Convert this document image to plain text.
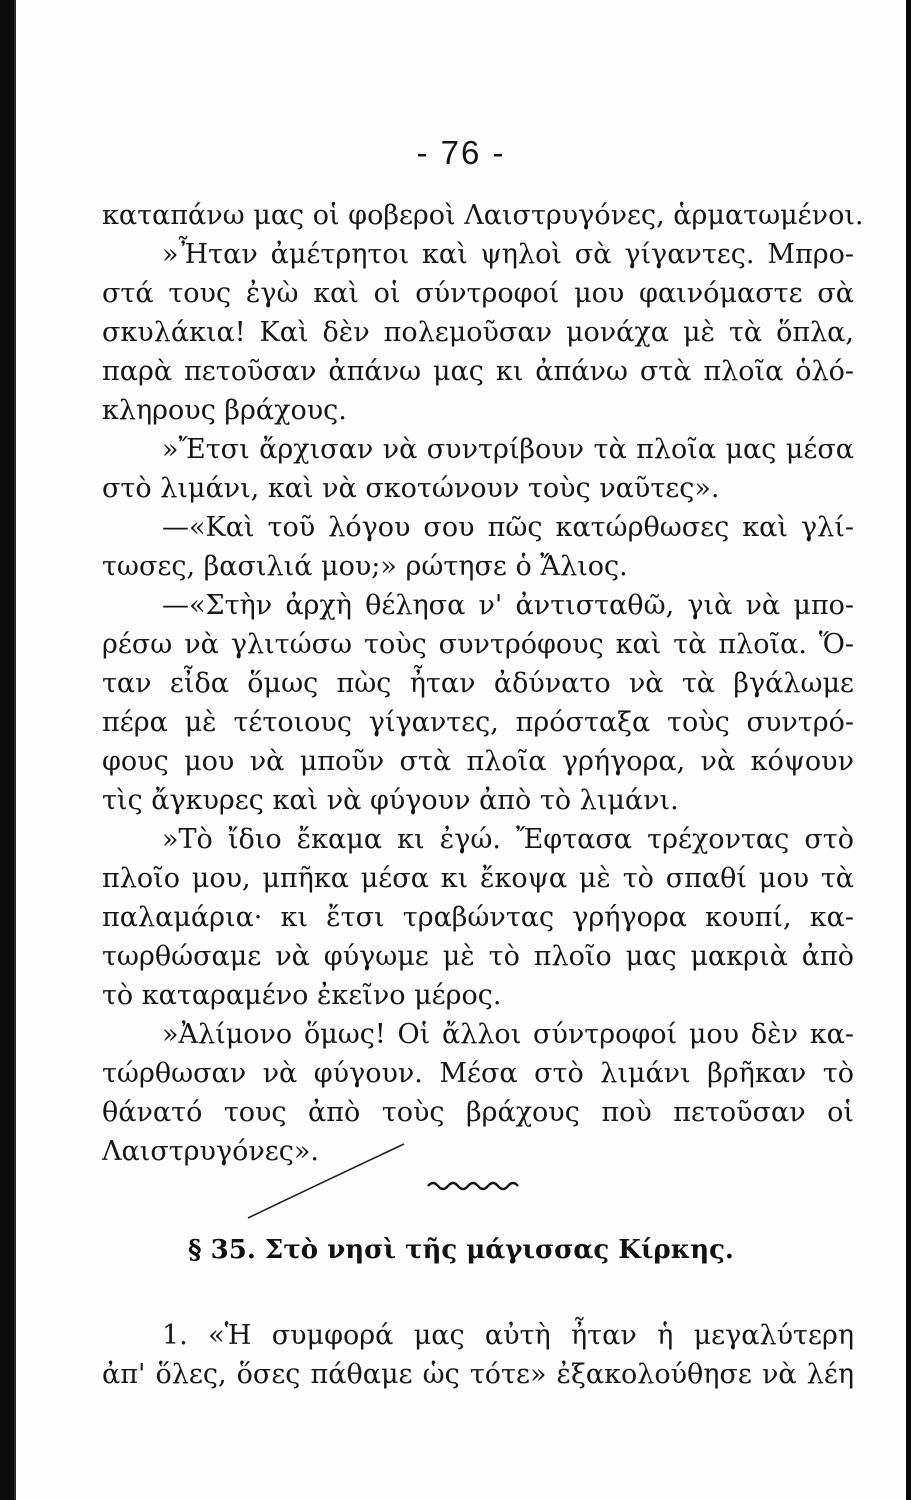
- 76 -
καταπάνω μας οἱ φοβεροὶ Λαιστρυγόνες, ἁρματωμένοι.
»Ἦταν ἀμέτρητοι καὶ ψηλοὶ σὰ γίγαντες. Μπρο-
στά τους ἐγὼ καὶ οἱ σύντροφοί μου φαινόμαστε σὰ
σκυλάκια! Καὶ δὲν πολεμοῦσαν μονάχα μὲ τὰ ὅπλα,
παρὰ πετοῦσαν ἀπάνω μας κι ἀπάνω στὰ πλοῖα ὁλό-
κληρους βράχους.
»Ἔτσι ἄρχισαν νὰ συντρίβουν τὰ πλοῖα μας μέσα
στὸ λιμάνι, καὶ νὰ σκοτώνουν τοὺς ναῦτες».
—«Καὶ τοῦ λόγου σου πῶς κατώρθωσες καὶ γλί-
τωσες, βασιλιά μου;» ρώτησε ὁ Ἄλιος.
—«Στὴν ἀρχὴ θέλησα ν' ἀντισταθῶ, γιὰ νὰ μπο-
ρέσω νὰ γλιτώσω τοὺς συντρόφους καὶ τὰ πλοῖα. Ὅ-
ταν εἶδα ὅμως πὼς ἦταν ἀδύνατο νὰ τὰ βγάλωμε
πέρα μὲ τέτοιους γίγαντες, πρόσταξα τοὺς συντρό-
φους μου νὰ μποῦν στὰ πλοῖα γρήγορα, νὰ κόψουν
τὶς ἄγκυρες καὶ νὰ φύγουν ἀπὸ τὸ λιμάνι.
»Τὸ ἴδιο ἔκαμα κι ἐγώ. Ἔφτασα τρέχοντας στὸ
πλοῖο μου, μπῆκα μέσα κι ἔκοψα μὲ τὸ σπαθί μου τὰ
παλαμάρια· κι ἔτσι τραβώντας γρήγορα κουπί, κα-
τωρθώσαμε νὰ φύγωμε μὲ τὸ πλοῖο μας μακριὰ ἀπὸ
τὸ καταραμένο ἐκεῖνο μέρος.
»Ἀλίμονο ὅμως! Οἱ ἄλλοι σύντροφοί μου δὲν κα-
τώρθωσαν νὰ φύγουν. Μέσα στὸ λιμάνι βρῆκαν τὸ
θάνατό τους ἀπὸ τοὺς βράχους ποὺ πετοῦσαν οἱ
Λαιστρυγόνες».
§ 35. Στὸ νησὶ τῆς μάγισσας Κίρκης.
1. «Ἡ συμφορά μας αὐτὴ ἦταν ἡ μεγαλύτερη
ἀπ' ὅλες, ὅσες πάθαμε ὡς τότε» ἐξακολούθησε νὰ λέη
